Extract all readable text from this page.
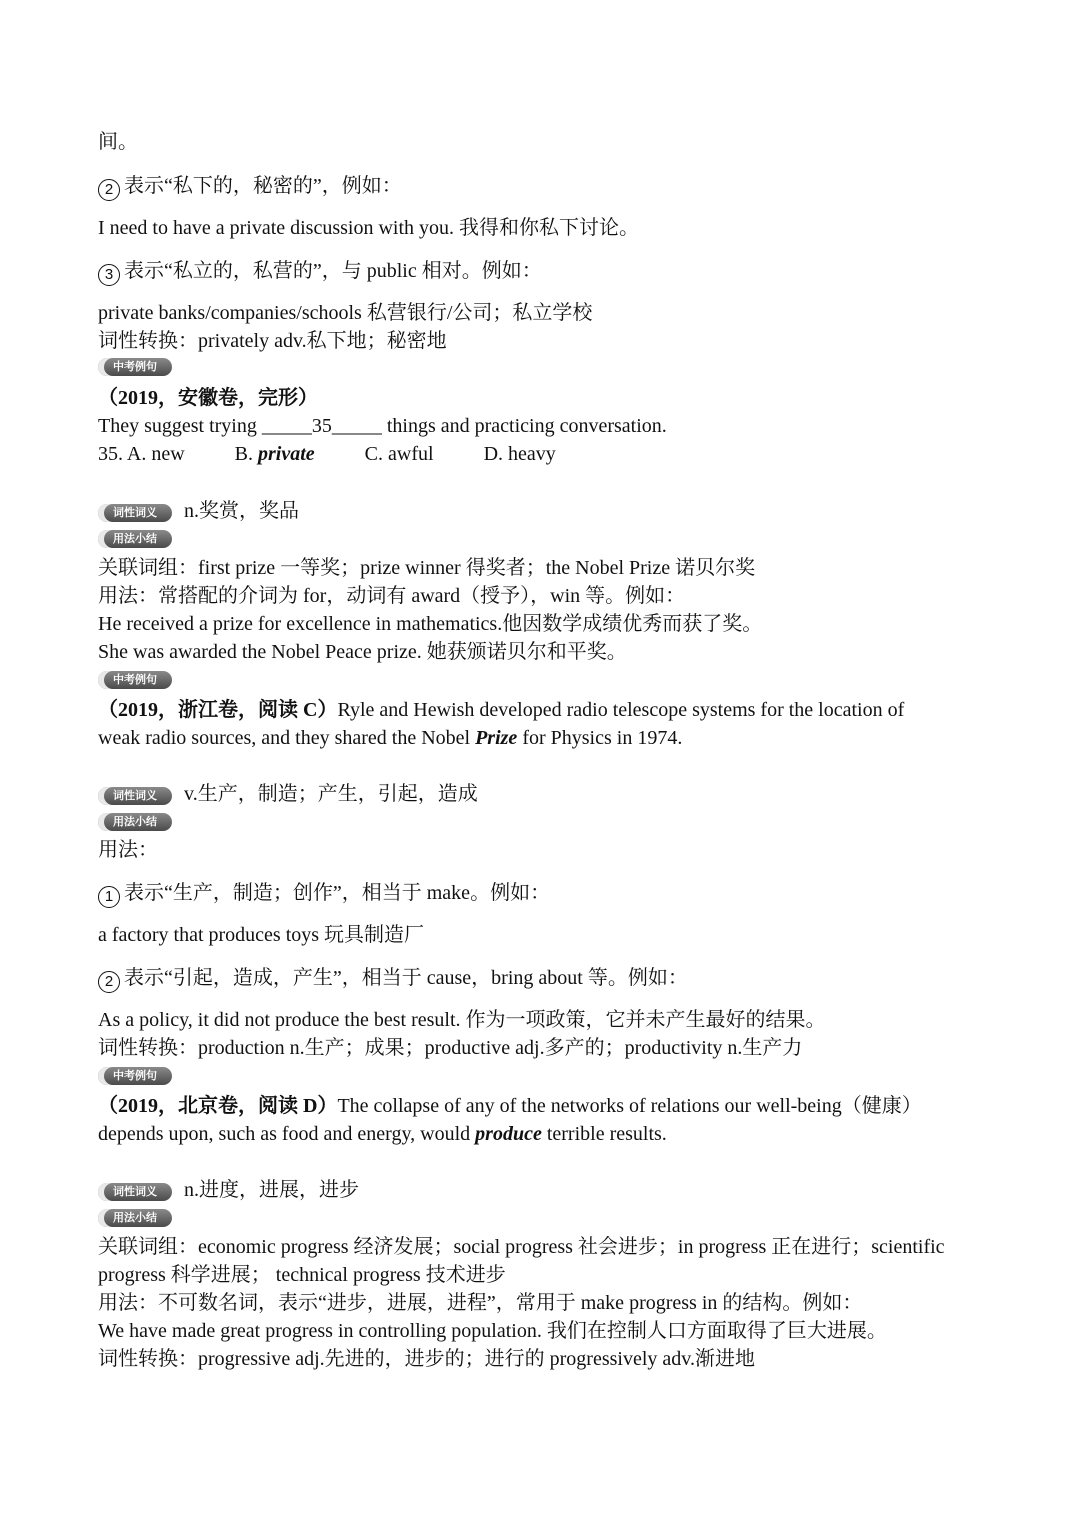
间。
2 表示“私下的，秘密的”，例如：
I need to have a private discussion with you. 我得和你私下讨论。
3 表示“私立的，私营的”，与 public 相对。例如：
private banks/companies/schools 私营银行/公司；私立学校
词性转换：privately adv.私下地；秘密地
中考例句
（2019，安徽卷，完形）
They suggest trying _____35_____ things and practicing conversation.
35. A. new	B. private	C. awful	D. heavy
词性词义 n.奖赏，奖品
用法小结
关联词组：first prize 一等奖；prize winner 得奖者；the Nobel Prize 诺贝尔奖
用法：常搭配的介词为 for，动词有 award（授予），win 等。例如：
He received a prize for excellence in mathematics.他因数学成绩优秀而获了奖。
She was awarded the Nobel Peace prize. 她获颁诺贝尔和平奖。
中考例句
（2019，浙江卷，阅读 C）Ryle and Hewish developed radio telescope systems for the location of
weak radio sources, and they shared the Nobel Prize for Physics in 1974.
词性词义 v.生产，制造；产生，引起，造成
用法小结
用法：
1 表示“生产，制造；创作”，相当于 make。例如：
a factory that produces toys 玩具制造厂
2 表示“引起，造成，产生”，相当于 cause，bring about 等。例如：
As a policy, it did not produce the best result. 作为一项政策，它并未产生最好的结果。
词性转换：production n.生产；成果；productive adj.多产的；productivity n.生产力
中考例句
（2019，北京卷，阅读 D）The collapse of any of the networks of relations our well-being（健康）
depends upon, such as food and energy, would produce terrible results.
词性词义 n.进度，进展，进步
用法小结
关联词组：economic progress 经济发展；social progress 社会进步；in progress 正在进行；scientific
progress 科学进展； technical progress 技术进步
用法：不可数名词，表示“进步，进展，进程”，常用于 make progress in 的结构。例如：
We have made great progress in controlling population. 我们在控制人口方面取得了巨大进展。
词性转换：progressive adj.先进的，进步的；进行的 progressively adv.渐进地
